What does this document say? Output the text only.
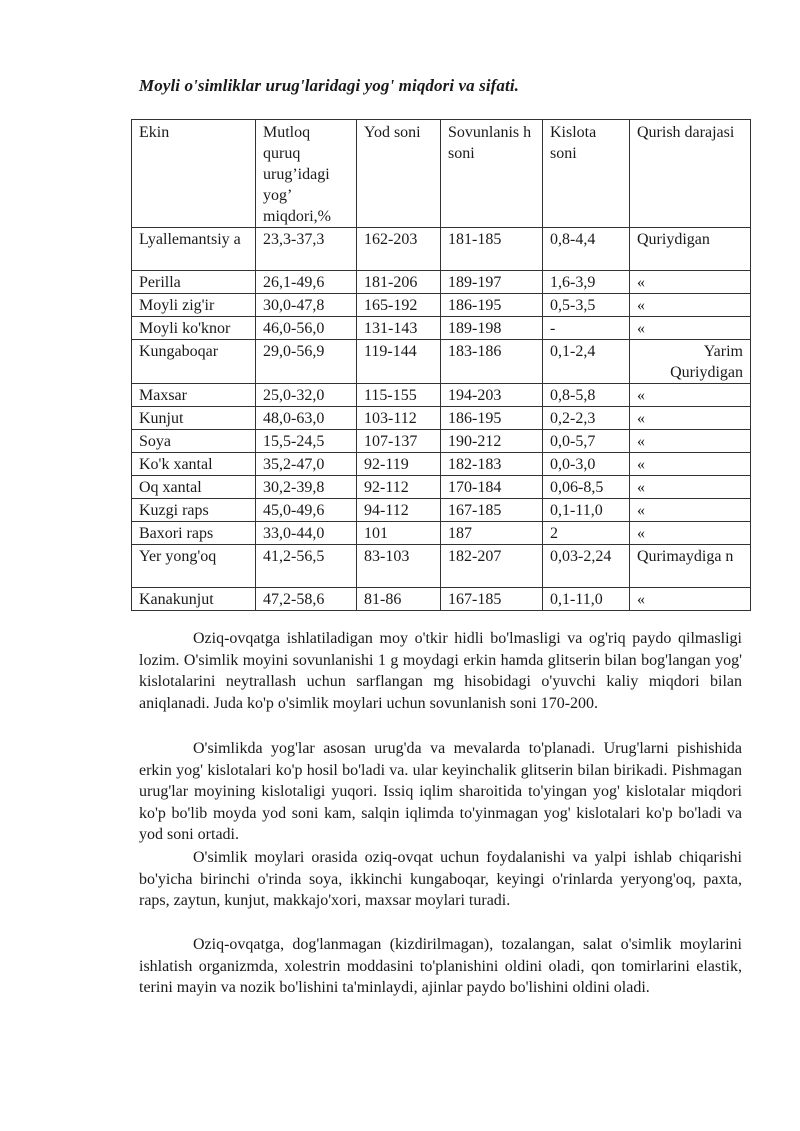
Moyli o'simliklar urug'laridagi yog' miqdori va sifati.
Ekin	Mutloq quruq urug’idagi yog’ miqdori,%	Yod soni	Sovunlanis h soni	Kislota soni	Qurish darajasi
Lyallemantsiy a	23,3-37,3	162-203	181-185	0,8-4,4	Quriydigan
Perilla	26,1-49,6	181-206	189-197	1,6-3,9	«
Moyli zig'ir	30,0-47,8	165-192	186-195	0,5-3,5	«
Moyli ko'knor	46,0-56,0	131-143	189-198	-	«
Kungaboqar	29,0-56,9	119-144	183-186	0,1-2,4	Yarim Quriydigan
Maxsar	25,0-32,0	115-155	194-203	0,8-5,8	«
Kunjut	48,0-63,0	103-112	186-195	0,2-2,3	«
Soya	15,5-24,5	107-137	190-212	0,0-5,7	«
Ko'k xantal	35,2-47,0	92-119	182-183	0,0-3,0	«
Oq xantal	30,2-39,8	92-112	170-184	0,06-8,5	«
Kuzgi raps	45,0-49,6	94-112	167-185	0,1-11,0	«
Baxori raps	33,0-44,0	101	187	2	«
Yer yong'oq	41,2-56,5	83-103	182-207	0,03-2,24	Qurimaydiga n
Kanakunjut	47,2-58,6	81-86	167-185	0,1-11,0	«
Oziq-ovqatga ishlatiladigan moy o'tkir hidli bo'lmasligi va og'riq paydo qilmasligi lozim. O'simlik moyini sovunlanishi 1 g moydagi erkin hamda glitserin bilan bog'langan yog' kislotalarini neytrallash uchun sarflangan mg hisobidagi o'yuvchi kaliy miqdori bilan aniqlanadi. Juda ko'p o'simlik moylari uchun sovunlanish soni 170-200.
O'simlikda yog'lar asosan urug'da va mevalarda to'planadi. Urug'larni pishishida erkin yog' kislotalari ko'p hosil bo'ladi va. ular keyinchalik glitserin bilan birikadi. Pishmagan urug'lar moyining kislotaligi yuqori. Issiq iqlim sharoitida to'yingan yog' kislotalar miqdori ko'p bo'lib moyda yod soni kam, salqin iqlimda to'yinmagan yog' kislotalari ko'p bo'ladi va yod soni ortadi.
O'simlik moylari orasida oziq-ovqat uchun foydalanishi va yalpi ishlab chiqarishi bo'yicha birinchi o'rinda soya, ikkinchi kungaboqar, keyingi o'rinlarda yeryong'oq, paxta, raps, zaytun, kunjut, makkajo'xori, maxsar moylari turadi.
Oziq-ovqatga, dog'lanmagan (kizdirilmagan), tozalangan, salat o'simlik moylarini ishlatish organizmda, xolestrin moddasini to'planishini oldini oladi, qon tomirlarini elastik, terini mayin va nozik bo'lishini ta'minlaydi, ajinlar paydo bo'lishini oldini oladi.
